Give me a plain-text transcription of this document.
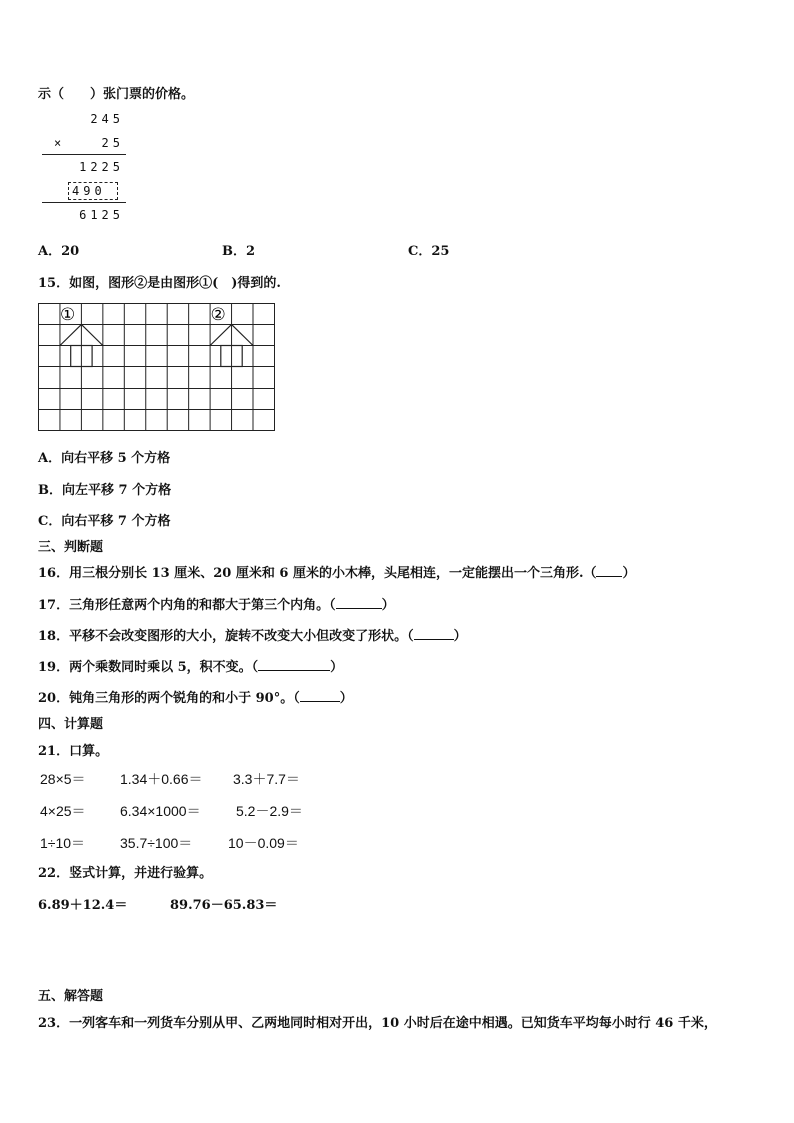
示（　　）张门票的价格。
245
×	25
1225
490
6125
A．20	B．2	C．25
15．如图，图形②是由图形①(　)得到的.
①	②
A．向右平移 5 个方格
B．向左平移 7 个方格
C．向右平移 7 个方格
三、判断题
16．用三根分别长 13 厘米、20 厘米和 6 厘米的小木棒，头尾相连，一定能摆出一个三角形.（ ）
17．三角形任意两个内角的和都大于第三个内角。（	）
18．平移不会改变图形的大小，旋转不改变大小但改变了形状。（	）
19．两个乘数同时乘以 5，积不变。（	）
20．钝角三角形的两个锐角的和小于 90°。（	）
四、计算题
21．口算。
28×5＝ 1.34＋0.66＝ 3.3＋7.7＝
4×25＝ 6.34×1000＝	5.2－2.9＝
1÷10＝ 35.7÷100＝	10－0.09＝
22．竖式计算，并进行验算。
6.89＋12.4＝	89.76－65.83＝
五、解答题
23．一列客车和一列货车分别从甲、乙两地同时相对开出，10 小时后在途中相遇。已知货车平均每小时行 46 千米，
